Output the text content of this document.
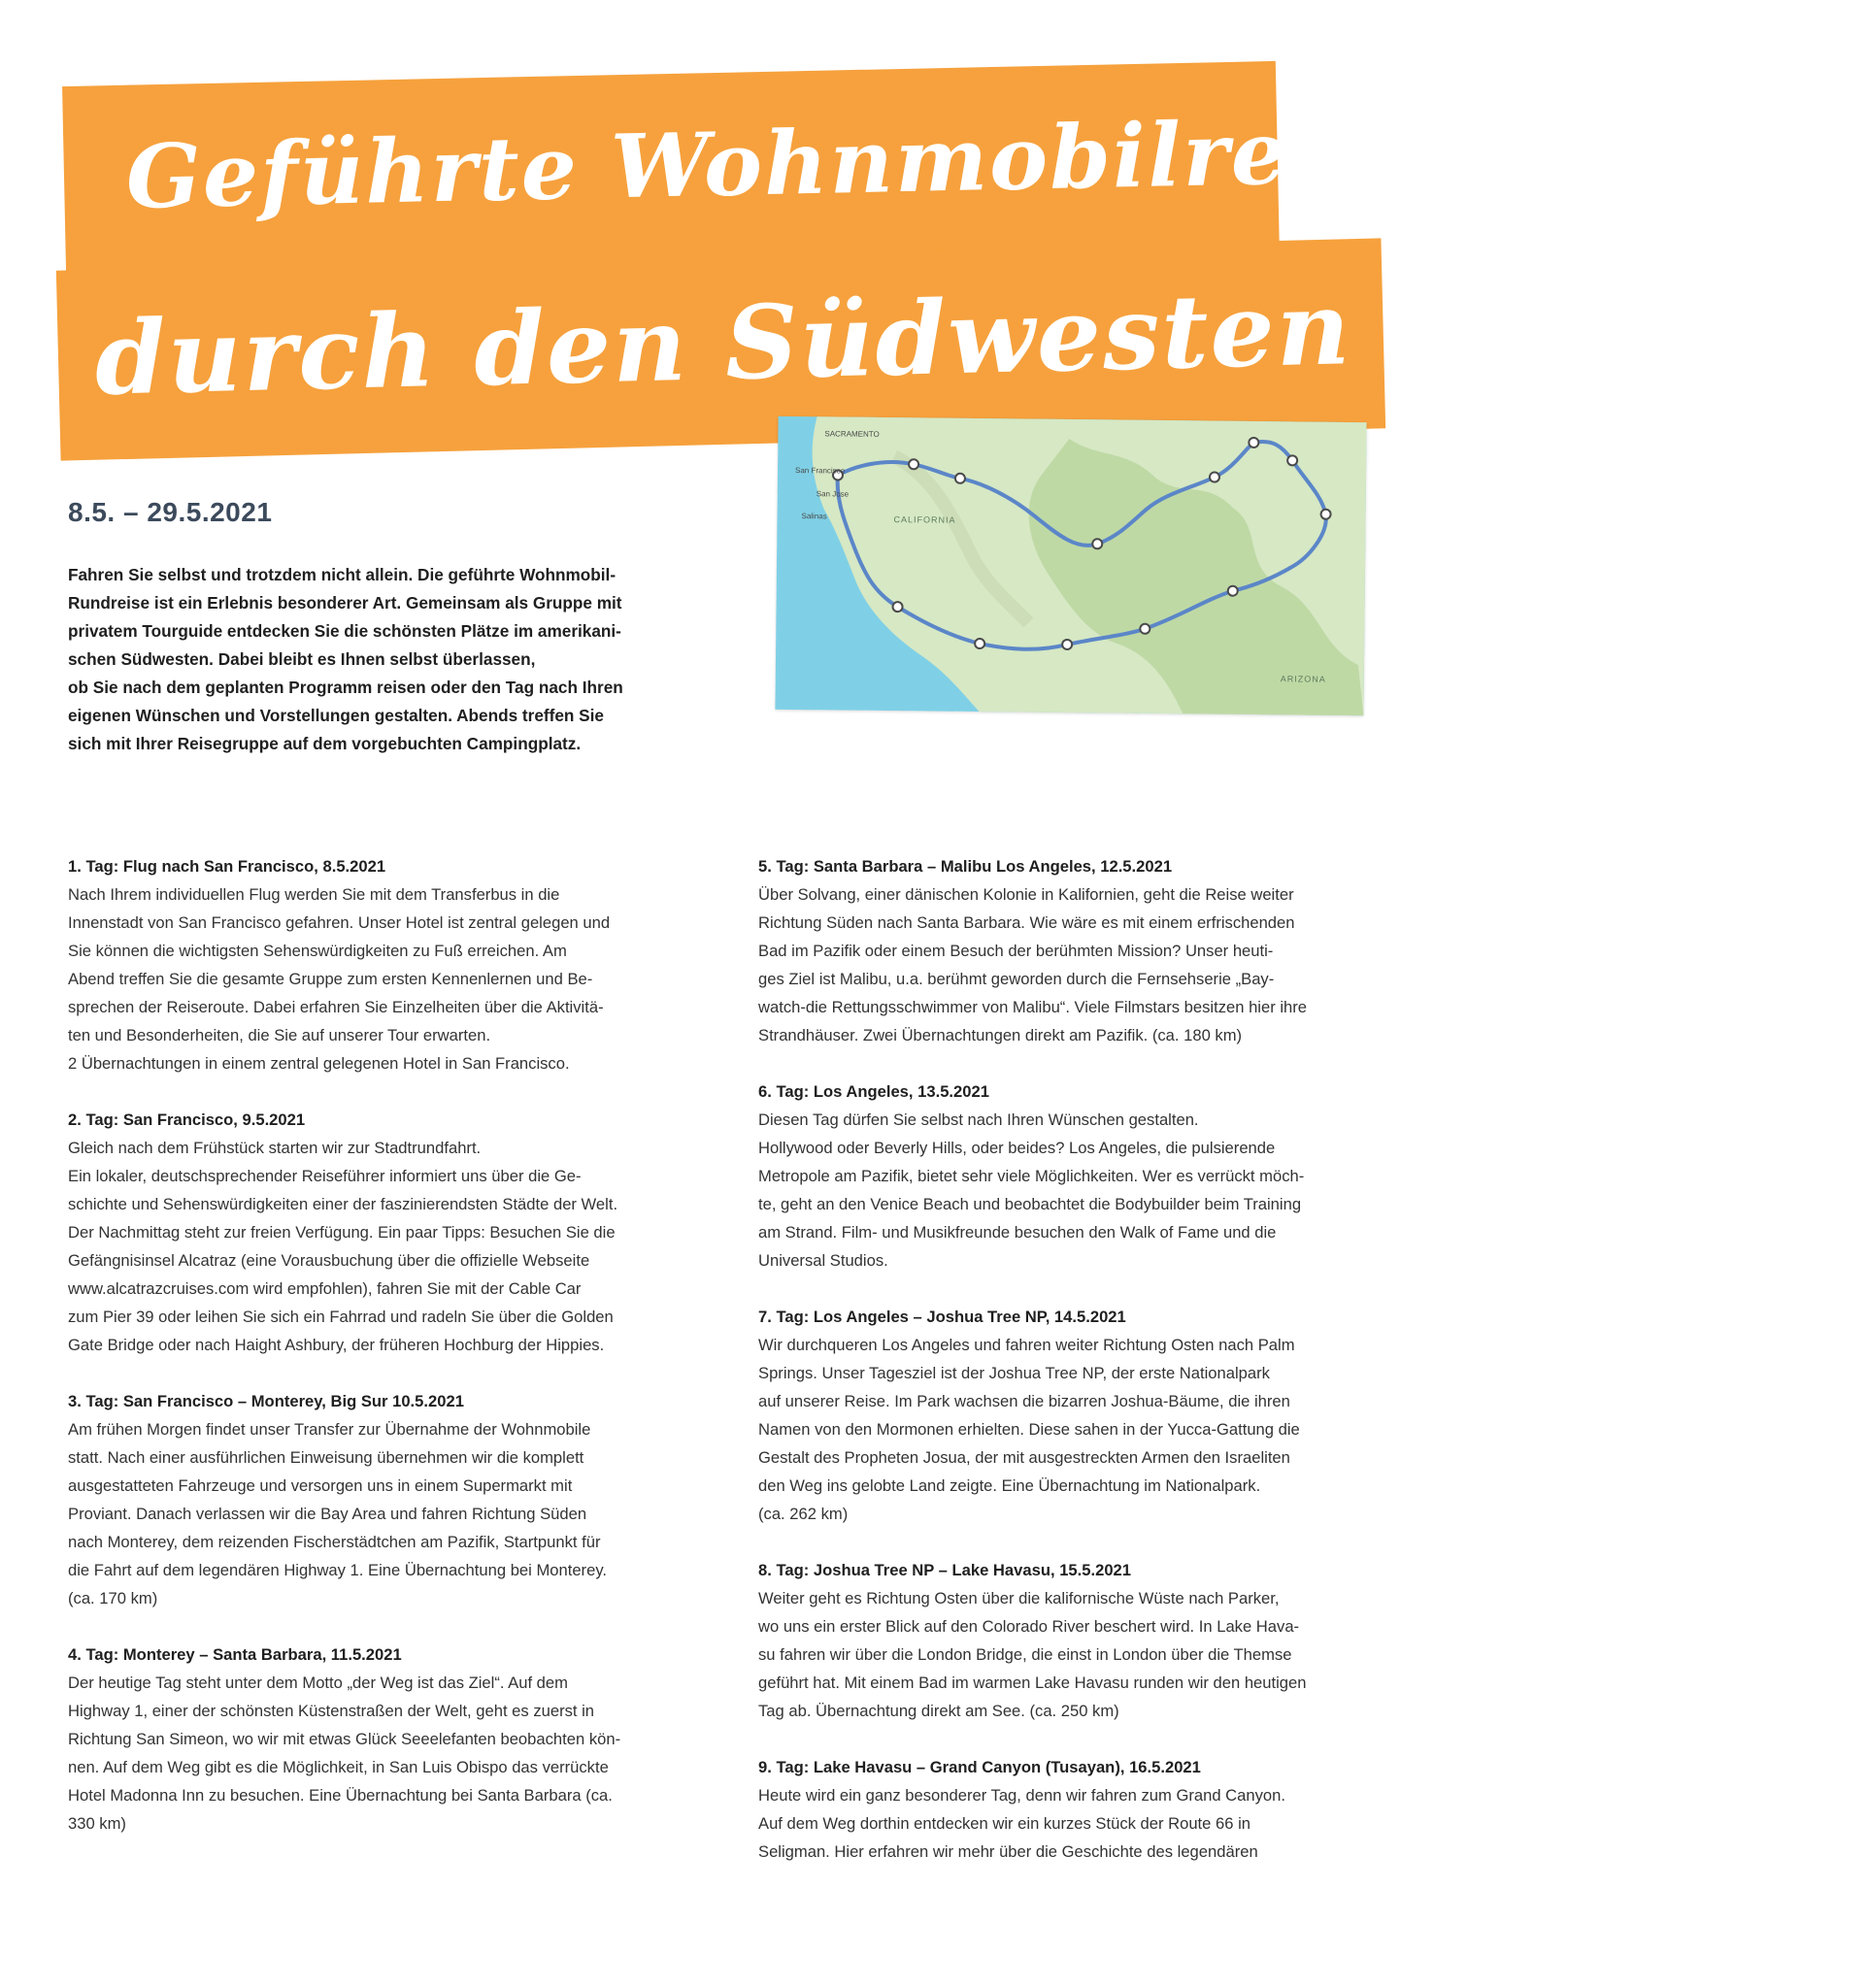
Geführte Wohnmobilreise
durch den Südwesten der USA
SACRAMENTO
San Francisco
San Jose
Salinas	CALIFORNIA
ARIZONA
8.5. – 29.5.2021

Fahren Sie selbst und trotzdem nicht allein. Die geführte Wohnmobil-
Rundreise ist ein Erlebnis besonderer Art. Gemeinsam als Gruppe mit
privatem Tourguide entdecken Sie die schönsten Plätze im amerikani-
schen Südwesten. Dabei bleibt es Ihnen selbst überlassen,
ob Sie nach dem geplanten Programm reisen oder den Tag nach Ihren
eigenen Wünschen und Vorstellungen gestalten. Abends treffen Sie
sich mit Ihrer Reisegruppe auf dem vorgebuchten Campingplatz.

1. Tag: Flug nach San Francisco, 8.5.2021

Nach Ihrem individuellen Flug werden Sie mit dem Transferbus in die
Innenstadt von San Francisco gefahren. Unser Hotel ist zentral gelegen und
Sie können die wichtigsten Sehenswürdigkeiten zu Fuß erreichen. Am
Abend treffen Sie die gesamte Gruppe zum ersten Kennenlernen und Be-
sprechen der Reiseroute. Dabei erfahren Sie Einzelheiten über die Aktivitä-
ten und Besonderheiten, die Sie auf unserer Tour erwarten.
2 Übernachtungen in einem zentral gelegenen Hotel in San Francisco.

2. Tag: San Francisco, 9.5.2021

Gleich nach dem Frühstück starten wir zur Stadtrundfahrt.
Ein lokaler, deutschsprechender Reiseführer informiert uns über die Ge-
schichte und Sehenswürdigkeiten einer der faszinierendsten Städte der Welt.
Der Nachmittag steht zur freien Verfügung. Ein paar Tipps: Besuchen Sie die
Gefängnisinsel Alcatraz (eine Vorausbuchung über die offizielle Webseite
www.alcatrazcruises.com wird empfohlen), fahren Sie mit der Cable Car
zum Pier 39 oder leihen Sie sich ein Fahrrad und radeln Sie über die Golden
Gate Bridge oder nach Haight Ashbury, der früheren Hochburg der Hippies.

3. Tag: San Francisco – Monterey, Big Sur 10.5.2021

Am frühen Morgen findet unser Transfer zur Übernahme der Wohnmobile
statt. Nach einer ausführlichen Einweisung übernehmen wir die komplett
ausgestatteten Fahrzeuge und versorgen uns in einem Supermarkt mit
Proviant. Danach verlassen wir die Bay Area und fahren Richtung Süden
nach Monterey, dem reizenden Fischerstädtchen am Pazifik, Startpunkt für
die Fahrt auf dem legendären Highway 1. Eine Übernachtung bei Monterey.
(ca. 170 km)

4. Tag: Monterey – Santa Barbara, 11.5.2021

Der heutige Tag steht unter dem Motto „der Weg ist das Ziel“. Auf dem
Highway 1, einer der schönsten Küstenstraßen der Welt, geht es zuerst in
Richtung San Simeon, wo wir mit etwas Glück Seeelefanten beobachten kön-
nen. Auf dem Weg gibt es die Möglichkeit, in San Luis Obispo das verrückte
Hotel Madonna Inn zu besuchen. Eine Übernachtung bei Santa Barbara (ca.
330 km)

5. Tag: Santa Barbara – Malibu Los Angeles, 12.5.2021

Über Solvang, einer dänischen Kolonie in Kalifornien, geht die Reise weiter
Richtung Süden nach Santa Barbara. Wie wäre es mit einem erfrischenden
Bad im Pazifik oder einem Besuch der berühmten Mission? Unser heuti-
ges Ziel ist Malibu, u.a. berühmt geworden durch die Fernsehserie „Bay-
watch-die Rettungsschwimmer von Malibu“. Viele Filmstars besitzen hier ihre
Strandhäuser. Zwei Übernachtungen direkt am Pazifik. (ca. 180 km)

6. Tag: Los Angeles, 13.5.2021

Diesen Tag dürfen Sie selbst nach Ihren Wünschen gestalten.
Hollywood oder Beverly Hills, oder beides? Los Angeles, die pulsierende
Metropole am Pazifik, bietet sehr viele Möglichkeiten. Wer es verrückt möch-
te, geht an den Venice Beach und beobachtet die Bodybuilder beim Training
am Strand. Film- und Musikfreunde besuchen den Walk of Fame und die
Universal Studios.

7. Tag: Los Angeles – Joshua Tree NP, 14.5.2021

Wir durchqueren Los Angeles und fahren weiter Richtung Osten nach Palm
Springs. Unser Tagesziel ist der Joshua Tree NP, der erste Nationalpark
auf unserer Reise. Im Park wachsen die bizarren Joshua-Bäume, die ihren
Namen von den Mormonen erhielten. Diese sahen in der Yucca-Gattung die
Gestalt des Propheten Josua, der mit ausgestreckten Armen den Israeliten
den Weg ins gelobte Land zeigte. Eine Übernachtung im Nationalpark.
(ca. 262 km)

8. Tag: Joshua Tree NP – Lake Havasu, 15.5.2021

Weiter geht es Richtung Osten über die kalifornische Wüste nach Parker,
wo uns ein erster Blick auf den Colorado River beschert wird. In Lake Hava-
su fahren wir über die London Bridge, die einst in London über die Themse
geführt hat. Mit einem Bad im warmen Lake Havasu runden wir den heutigen
Tag ab. Übernachtung direkt am See. (ca. 250 km)

9. Tag: Lake Havasu – Grand Canyon (Tusayan), 16.5.2021

Heute wird ein ganz besonderer Tag, denn wir fahren zum Grand Canyon.
Auf dem Weg dorthin entdecken wir ein kurzes Stück der Route 66 in
Seligman. Hier erfahren wir mehr über die Geschichte des legendären
